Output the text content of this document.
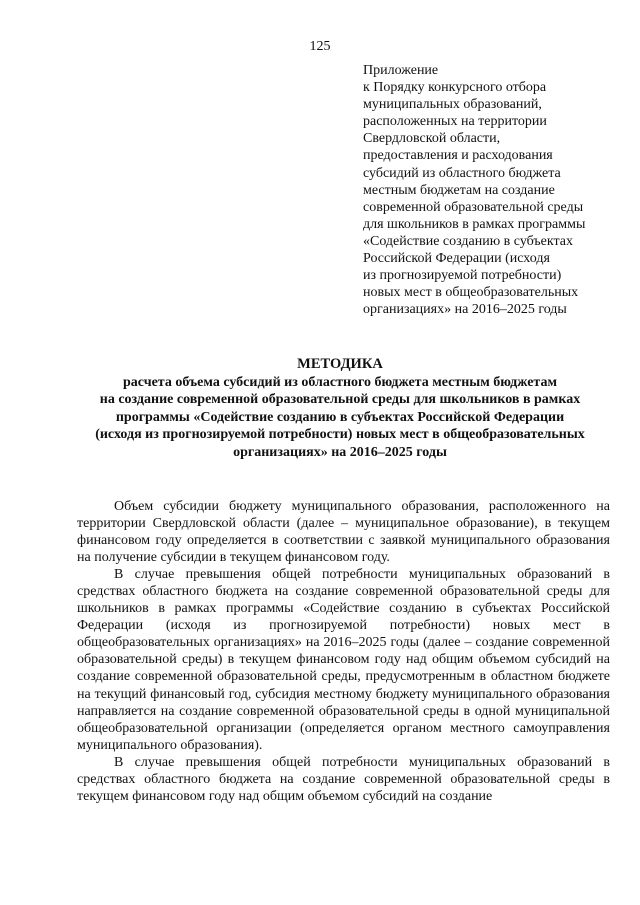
125
Приложение
к Порядку конкурсного отбора
муниципальных образований,
расположенных на территории
Свердловской области,
предоставления и расходования
субсидий из областного бюджета
местным бюджетам на создание
современной образовательной среды
для школьников в рамках программы
«Содействие созданию в субъектах
Российской Федерации (исходя
из прогнозируемой потребности)
новых мест в общеобразовательных
организациях» на 2016–2025 годы
МЕТОДИКА
расчета объема субсидий из областного бюджета местным бюджетам
на создание современной образовательной среды для школьников в рамках
программы «Содействие созданию в субъектах Российской Федерации
(исходя из прогнозируемой потребности) новых мест в общеобразовательных
организациях» на 2016–2025 годы

Объем субсидии бюджету муниципального образования, расположенного на территории Свердловской области (далее – муниципальное образование), в текущем финансовом году определяется в соответствии с заявкой муниципального образования на получение субсидии в текущем финансовом году.

В случае превышения общей потребности муниципальных образований в средствах областного бюджета на создание современной образовательной среды для школьников в рамках программы «Содействие созданию в субъектах Российской Федерации (исходя из прогнозируемой потребности) новых мест в общеобразовательных организациях» на 2016–2025 годы (далее – создание современной образовательной среды) в текущем финансовом году над общим объемом субсидий на создание современной образовательной среды, предусмотренным в областном бюджете на текущий финансовый год, субсидия местному бюджету муниципального образования направляется на создание современной образовательной среды в одной муниципальной общеобразовательной организации (определяется органом местного самоуправления муниципального образования).

В случае превышения общей потребности муниципальных образований в средствах областного бюджета на создание современной образовательной среды в текущем финансовом году над общим объемом субсидий на создание
